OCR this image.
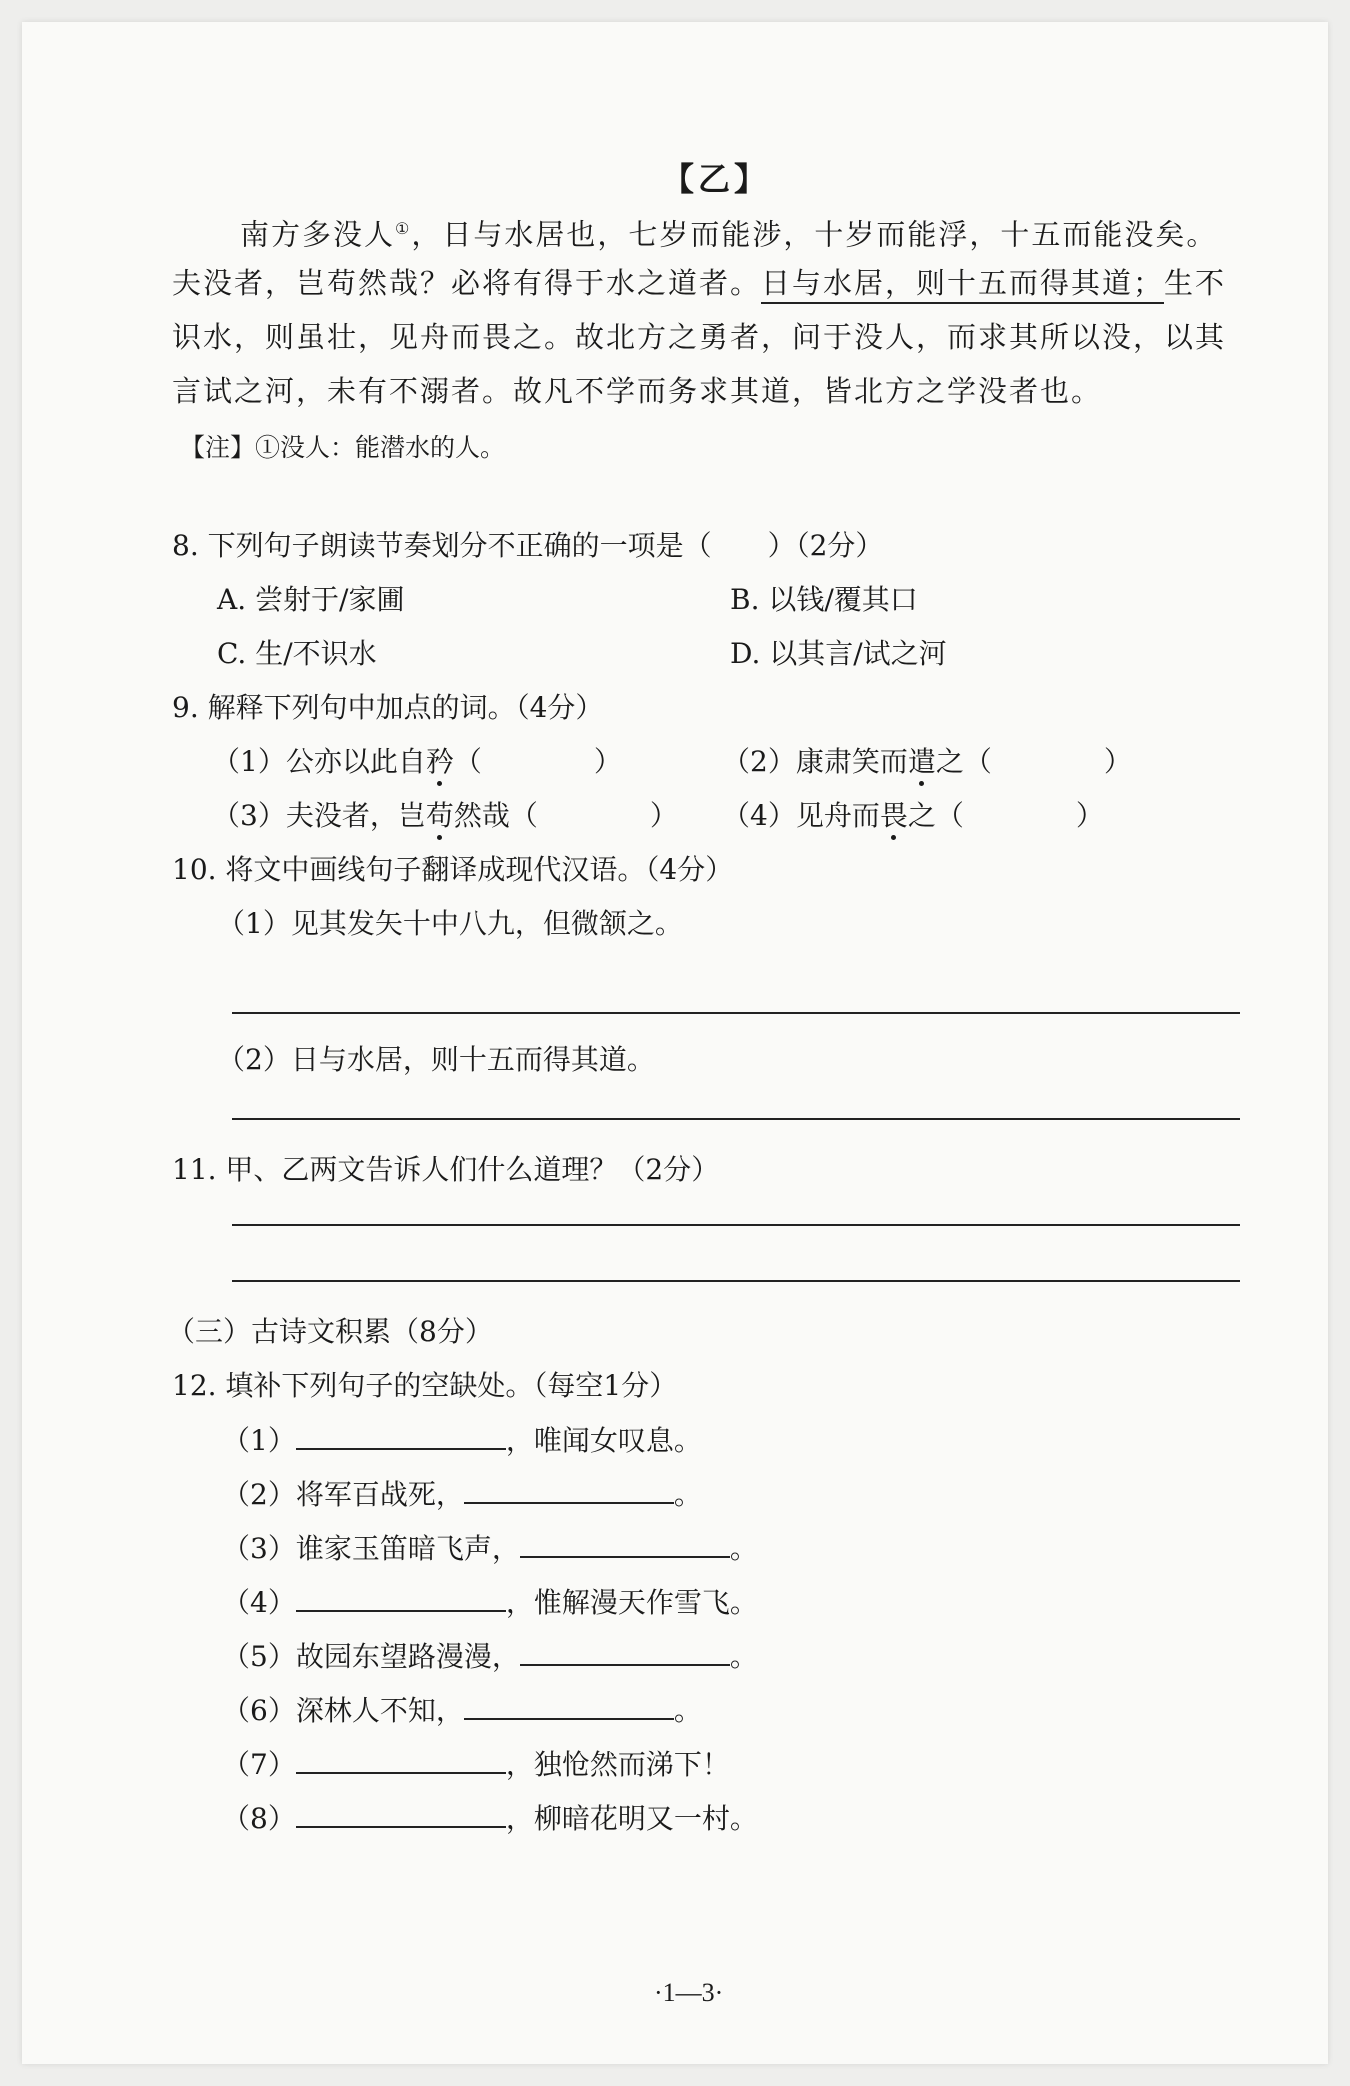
【乙】
南方多没人①，日与水居也，七岁而能涉，十岁而能浮，十五而能没矣。
夫没者，岂苟然哉？必将有得于水之道者。日与水居，则十五而得其道；生不
识水，则虽壮，见舟而畏之。故北方之勇者，问于没人，而求其所以没，以其
言试之河，未有不溺者。故凡不学而务求其道，皆北方之学没者也。
【注】①没人：能潜水的人。
8. 下列句子朗读节奏划分不正确的一项是（　　）（2分）
A. 尝射于/家圃	B. 以钱/覆其口
C. 生/不识水	D. 以其言/试之河
9. 解释下列句中加点的词。（4分）
（1）公亦以此自矜（　　　　）	（2）康肃笑而遣之（　　　　）
（3）夫没者，岂苟然哉（　　　　） （4）见舟而畏之（　　　　）
10. 将文中画线句子翻译成现代汉语。（4分）
（1）见其发矢十中八九，但微颔之。
（2）日与水居，则十五而得其道。
11. 甲、乙两文告诉人们什么道理？（2分）
（三）古诗文积累（8分）
12. 填补下列句子的空缺处。（每空1分）
（1）	，唯闻女叹息。
（2）将军百战死，	。
（3）谁家玉笛暗飞声，	。
（4）	，惟解漫天作雪飞。
（5）故园东望路漫漫，	。
（6）深林人不知，	。
（7）	，独怆然而涕下！
（8）	，柳暗花明又一村。
·1—3·
